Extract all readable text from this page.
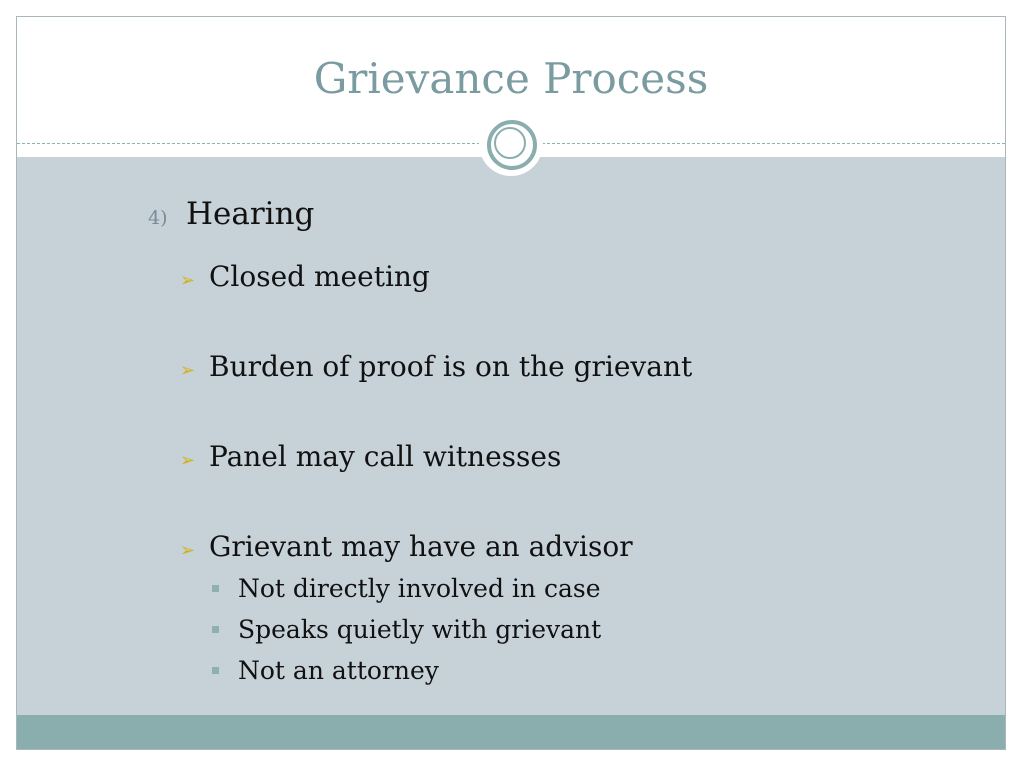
Grievance Process
4) Hearing
➢ Closed meeting
➢ Burden of proof is on the grievant
➢ Panel may call witnesses
➢ Grievant may have an advisor
Not directly involved in case
Speaks quietly with grievant
Not an attorney
